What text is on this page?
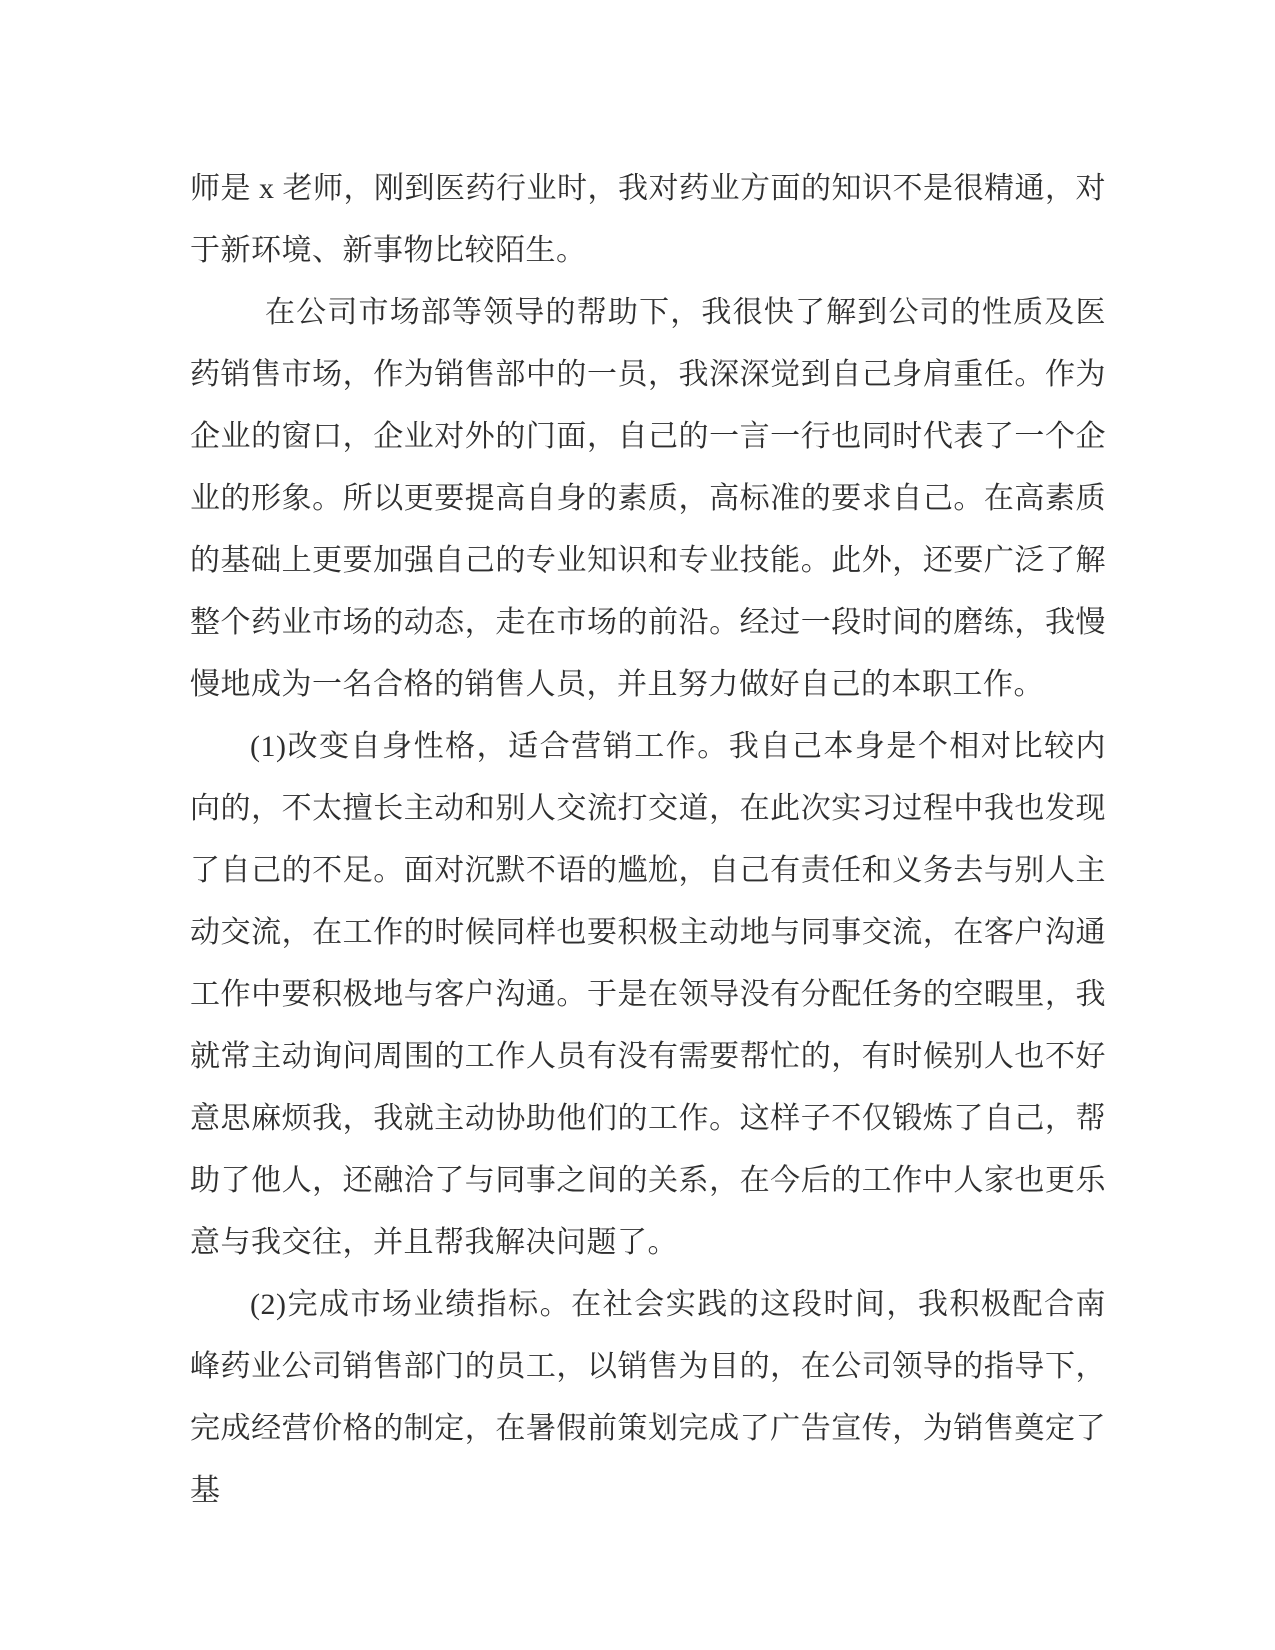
师是 x 老师，刚到医药行业时，我对药业方面的知识不是很精通，对于新环境、新事物比较陌生。

在公司市场部等领导的帮助下，我很快了解到公司的性质及医药销售市场，作为销售部中的一员，我深深觉到自己身肩重任。作为企业的窗口，企业对外的门面，自己的一言一行也同时代表了一个企业的形象。所以更要提高自身的素质，高标准的要求自己。在高素质的基础上更要加强自己的专业知识和专业技能。此外，还要广泛了解整个药业市场的动态，走在市场的前沿。经过一段时间的磨练，我慢慢地成为一名合格的销售人员，并且努力做好自己的本职工作。

(1)改变自身性格，适合营销工作。我自己本身是个相对比较内向的，不太擅长主动和别人交流打交道，在此次实习过程中我也发现了自己的不足。面对沉默不语的尴尬，自己有责任和义务去与别人主动交流，在工作的时候同样也要积极主动地与同事交流，在客户沟通工作中要积极地与客户沟通。于是在领导没有分配任务的空暇里，我就常主动询问周围的工作人员有没有需要帮忙的，有时候别人也不好意思麻烦我，我就主动协助他们的工作。这样子不仅锻炼了自己，帮助了他人，还融洽了与同事之间的关系，在今后的工作中人家也更乐意与我交往，并且帮我解决问题了。

(2)完成市场业绩指标。在社会实践的这段时间，我积极配合南峰药业公司销售部门的员工，以销售为目的，在公司领导的指导下，完成经营价格的制定，在暑假前策划完成了广告宣传，为销售奠定了基
